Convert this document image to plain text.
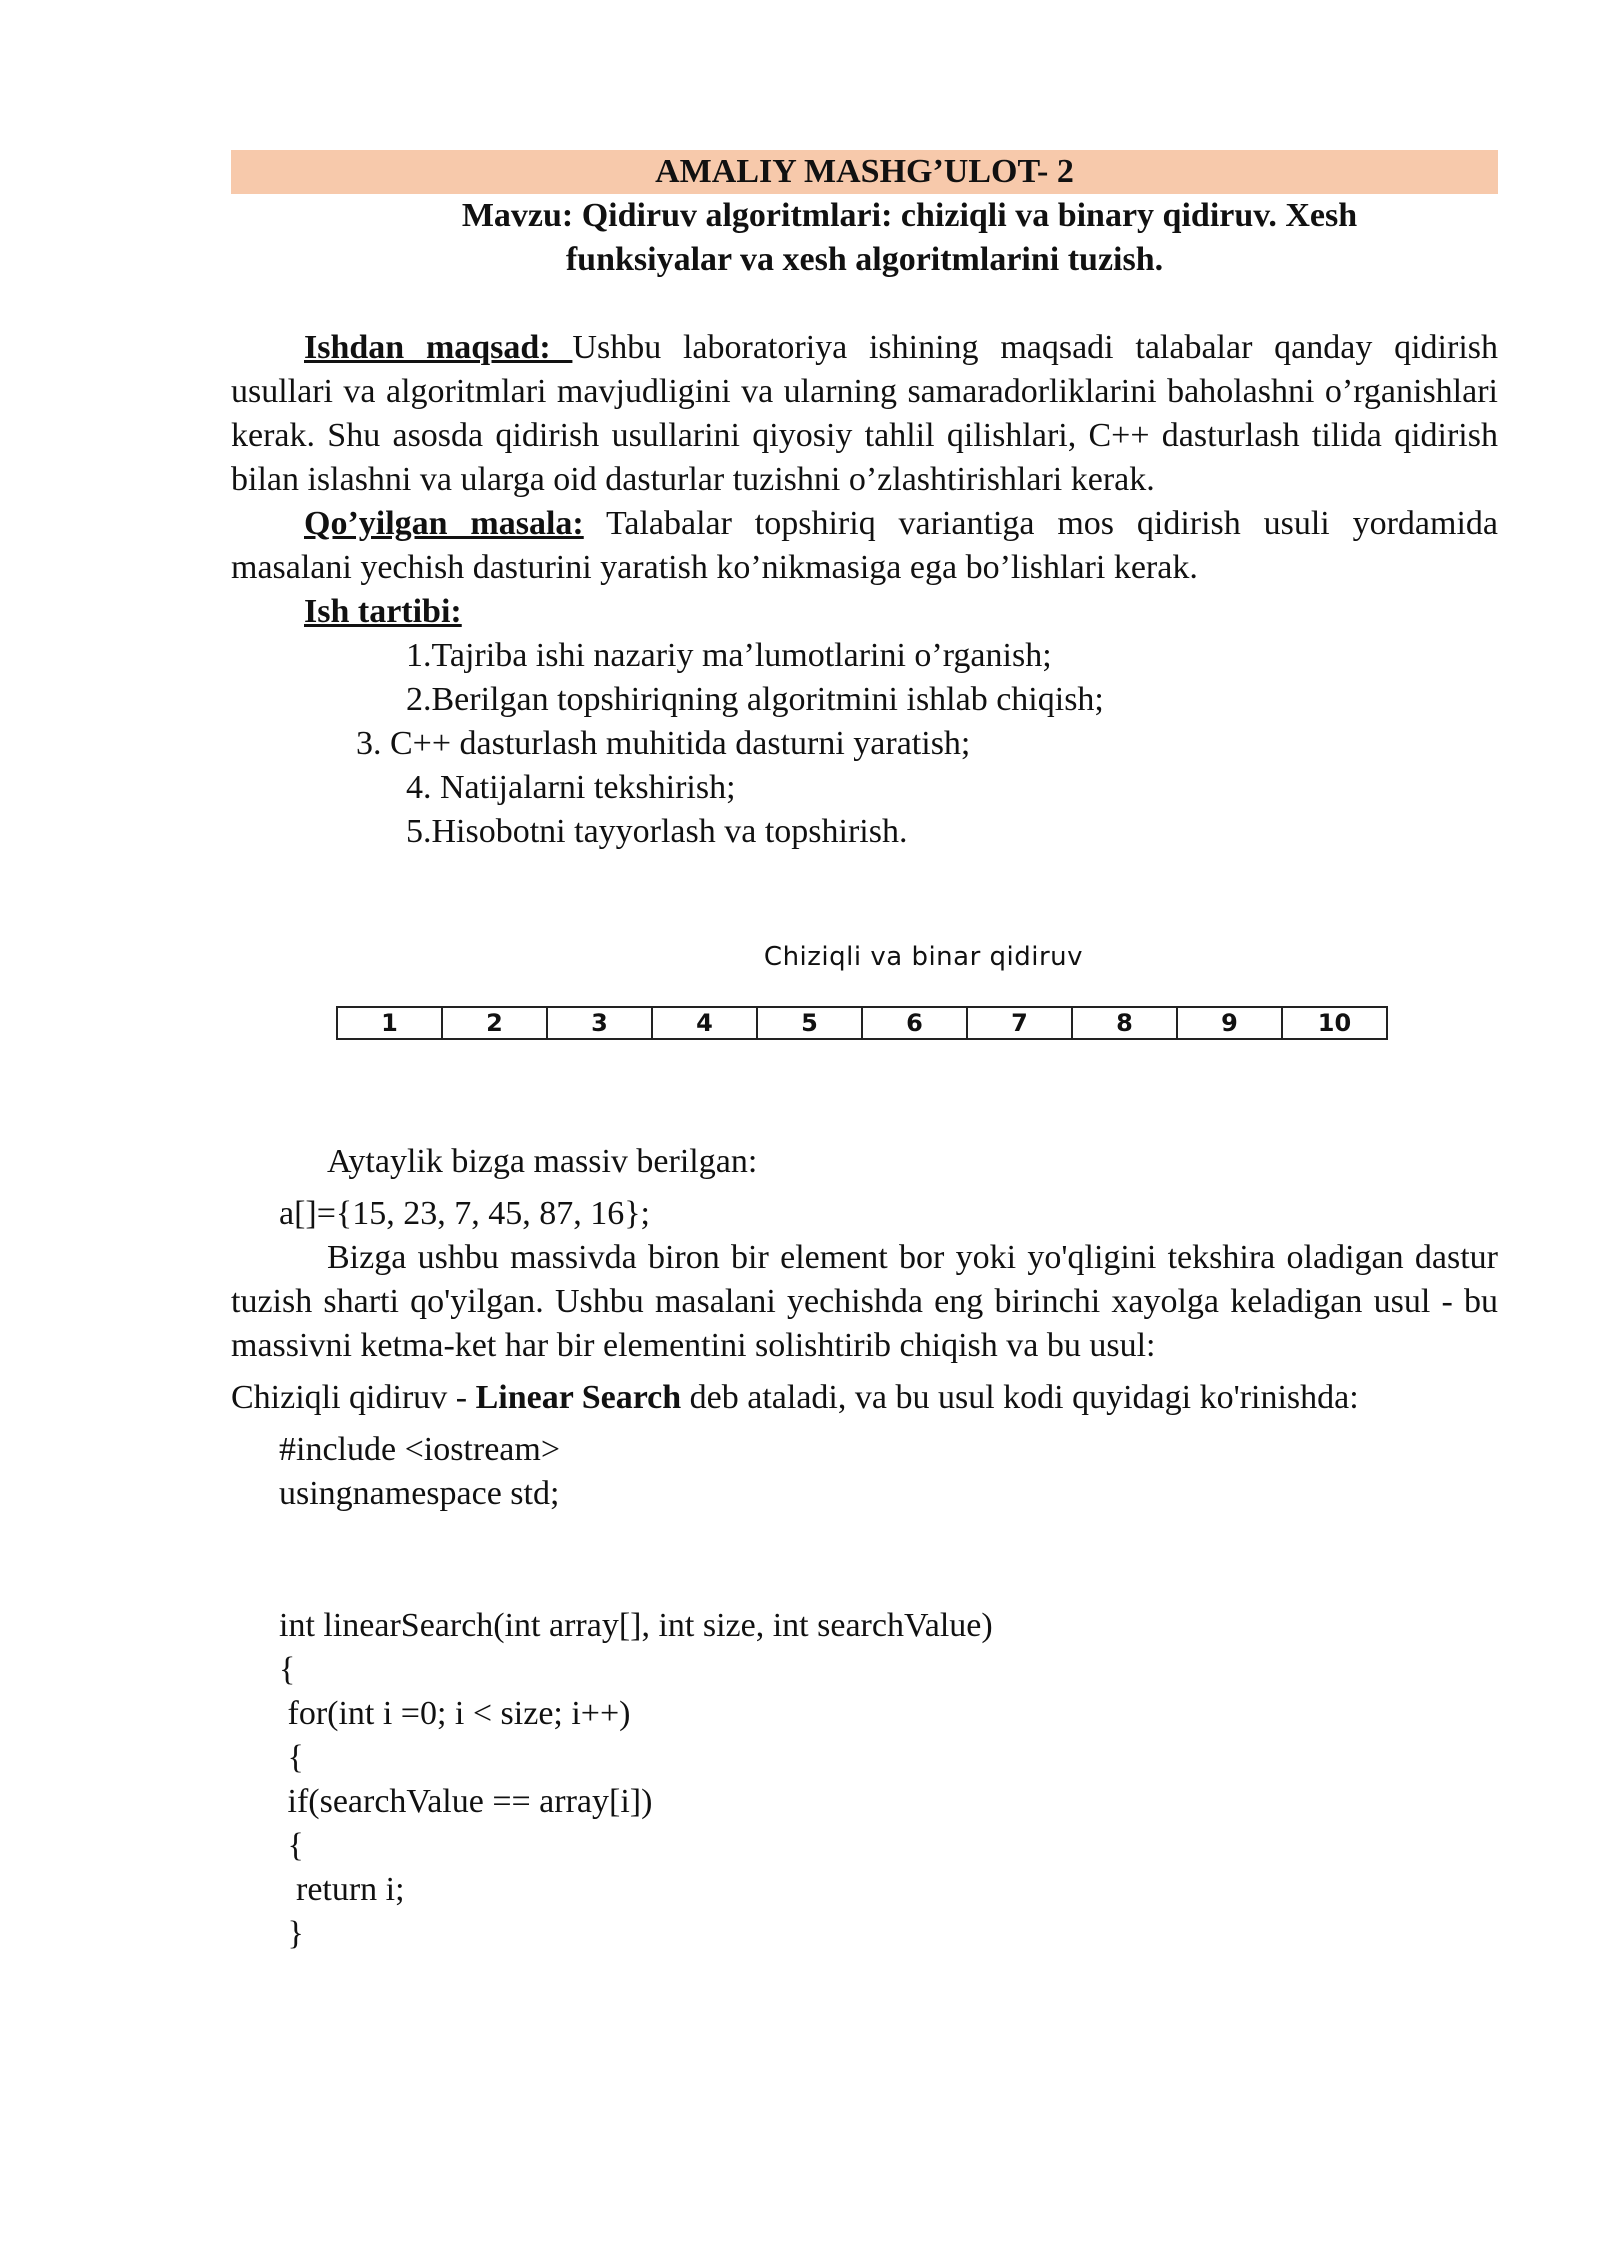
AMALIY MASHG’ULOT- 2
Mavzu: Qidiruv algoritmlari: chiziqli va binary qidiruv. Xesh
funksiyalar va xesh algoritmlarini tuzish.
Ishdan maqsad: Ushbu laboratoriya ishining maqsadi talabalar qanday qidirish usullari va algoritmlari mavjudligini va ularning samaradorliklarini baholashni o’rganishlari kerak. Shu asosda qidirish usullarini qiyosiy tahlil qilishlari, C++ dasturlash tilida qidirish bilan islashni va ularga oid dasturlar tuzishni o’zlashtirishlari kerak.
Qo’yilgan masala: Talabalar topshiriq variantiga mos qidirish usuli yordamida masalani yechish dasturini yaratish ko’nikmasiga ega bo’lishlari kerak.
Ish tartibi:
1.Tajriba ishi nazariy ma’lumotlarini o’rganish;
2.Berilgan topshiriqning algoritmini ishlab chiqish;
3. C++ dasturlash muhitida dasturni yaratish;
4. Natijalarni tekshirish;
5.Hisobotni tayyorlash va topshirish.
Chiziqli va binar qidiruv
1	2	3	4	5	6	7	8	9	10
Aytaylik bizga massiv berilgan:
a[]={15, 23, 7, 45, 87, 16};
Bizga ushbu massivda biron bir element bor yoki yo'qligini tekshira oladigan dastur tuzish sharti qo'yilgan. Ushbu masalani yechishda eng birinchi xayolga keladigan usul - bu massivni ketma-ket har bir elementini solishtirib chiqish va bu usul:
Chiziqli qidiruv - Linear Search deb ataladi, va bu usul kodi quyidagi ko'rinishda:
#include <iostream>
usingnamespace std;
int linearSearch(int array[], int size, int searchValue)
{
for(int i =0; i < size; i++)
{
if(searchValue == array[i])
{
return i;
}
